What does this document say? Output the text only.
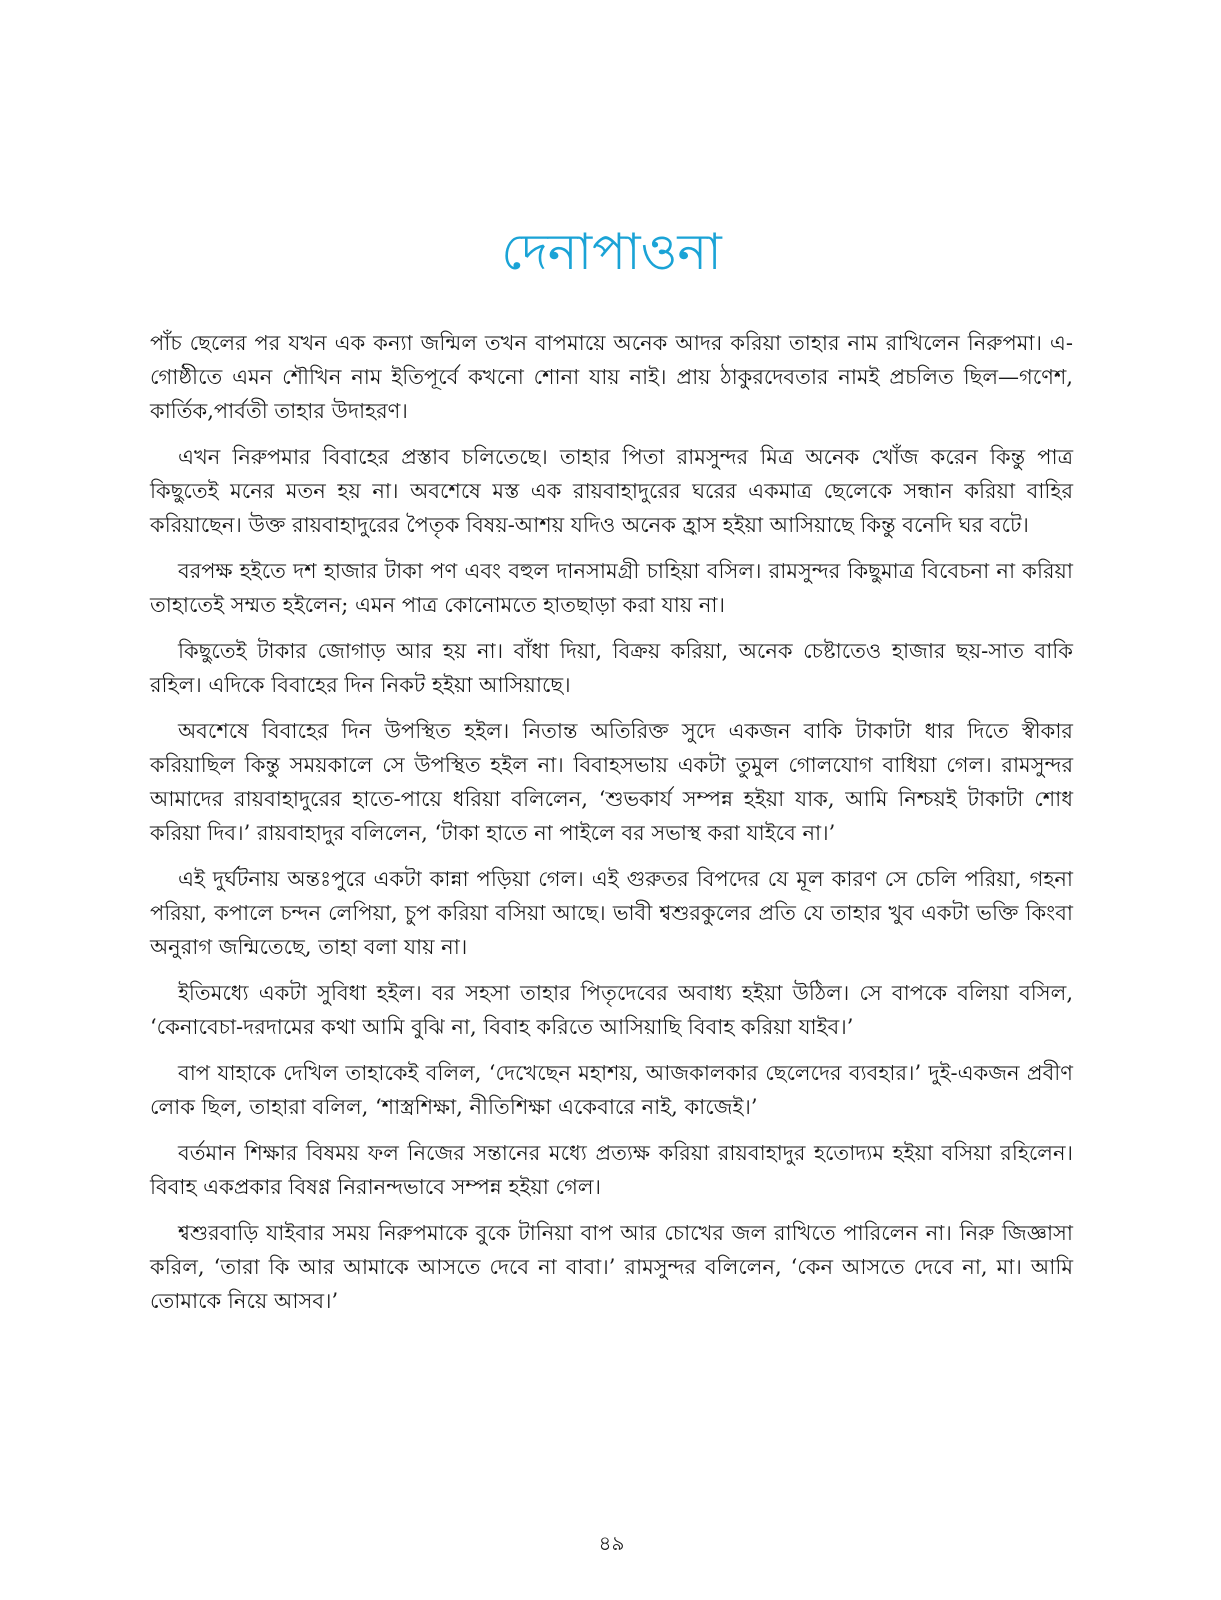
দেনাপাওনা

পাঁচ ছেলের পর যখন এক কন্যা জন্মিল তখন বাপমায়ে অনেক আদর করিয়া তাহার নাম রাখিলেন নিরুপমা। এ-গোষ্ঠীতে এমন শৌখিন নাম ইতিপূর্বে কখনো শোনা যায় নাই। প্রায় ঠাকুরদেবতার নামই প্রচলিত ছিল—গণেশ, কার্তিক,পার্বতী তাহার উদাহরণ।

এখন নিরুপমার বিবাহের প্রস্তাব চলিতেছে। তাহার পিতা রামসুন্দর মিত্র অনেক খোঁজ করেন কিন্তু পাত্র কিছুতেই মনের মতন হয় না। অবশেষে মস্ত এক রায়বাহাদুরের ঘরের একমাত্র ছেলেকে সন্ধান করিয়া বাহির করিয়াছেন। উক্ত রায়বাহাদুরের পৈতৃক বিষয়-আশয় যদিও অনেক হ্রাস হইয়া আসিয়াছে কিন্তু বনেদি ঘর বটে।

বরপক্ষ হইতে দশ হাজার টাকা পণ এবং বহুল দানসামগ্রী চাহিয়া বসিল। রামসুন্দর কিছুমাত্র বিবেচনা না করিয়া তাহাতেই সম্মত হইলেন; এমন পাত্র কোনোমতে হাতছাড়া করা যায় না।

কিছুতেই টাকার জোগাড় আর হয় না। বাঁধা দিয়া, বিক্রয় করিয়া, অনেক চেষ্টাতেও হাজার ছয়-সাত বাকি রহিল। এদিকে বিবাহের দিন নিকট হইয়া আসিয়াছে।

অবশেষে বিবাহের দিন উপস্থিত হইল। নিতান্ত অতিরিক্ত সুদে একজন বাকি টাকাটা ধার দিতে স্বীকার করিয়াছিল কিন্তু সময়কালে সে উপস্থিত হইল না। বিবাহসভায় একটা তুমুল গোলযোগ বাধিয়া গেল। রামসুন্দর আমাদের রায়বাহাদুরের হাতে-পায়ে ধরিয়া বলিলেন, ‘শুভকার্য সম্পন্ন হইয়া যাক, আমি নিশ্চয়ই টাকাটা শোধ করিয়া দিব।’ রায়বাহাদুর বলিলেন, ‘টাকা হাতে না পাইলে বর সভাস্থ করা যাইবে না।’

এই দুর্ঘটনায় অন্তঃপুরে একটা কান্না পড়িয়া গেল। এই গুরুতর বিপদের যে মূল কারণ সে চেলি পরিয়া, গহনা পরিয়া, কপালে চন্দন লেপিয়া, চুপ করিয়া বসিয়া আছে। ভাবী শ্বশুরকুলের প্রতি যে তাহার খুব একটা ভক্তি কিংবা অনুরাগ জন্মিতেছে, তাহা বলা যায় না।

ইতিমধ্যে একটা সুবিধা হইল। বর সহসা তাহার পিতৃদেবের অবাধ্য হইয়া উঠিল। সে বাপকে বলিয়া বসিল, ‘কেনাবেচা-দরদামের কথা আমি বুঝি না, বিবাহ করিতে আসিয়াছি বিবাহ করিয়া যাইব।’

বাপ যাহাকে দেখিল তাহাকেই বলিল, ‘দেখেছেন মহাশয়, আজকালকার ছেলেদের ব্যবহার।’ দুই-একজন প্রবীণ লোক ছিল, তাহারা বলিল, ‘শাস্ত্রশিক্ষা, নীতিশিক্ষা একেবারে নাই, কাজেই।’

বর্তমান শিক্ষার বিষময় ফল নিজের সন্তানের মধ্যে প্রত্যক্ষ করিয়া রায়বাহাদুর হতোদ্যম হইয়া বসিয়া রহিলেন। বিবাহ একপ্রকার বিষণ্ণ নিরানন্দভাবে সম্পন্ন হইয়া গেল।

শ্বশুরবাড়ি যাইবার সময় নিরুপমাকে বুকে টানিয়া বাপ আর চোখের জল রাখিতে পারিলেন না। নিরু জিজ্ঞাসা করিল, ‘তারা কি আর আমাকে আসতে দেবে না বাবা।’ রামসুন্দর বলিলেন, ‘কেন আসতে দেবে না, মা। আমি তোমাকে নিয়ে আসব।’

৪৯
